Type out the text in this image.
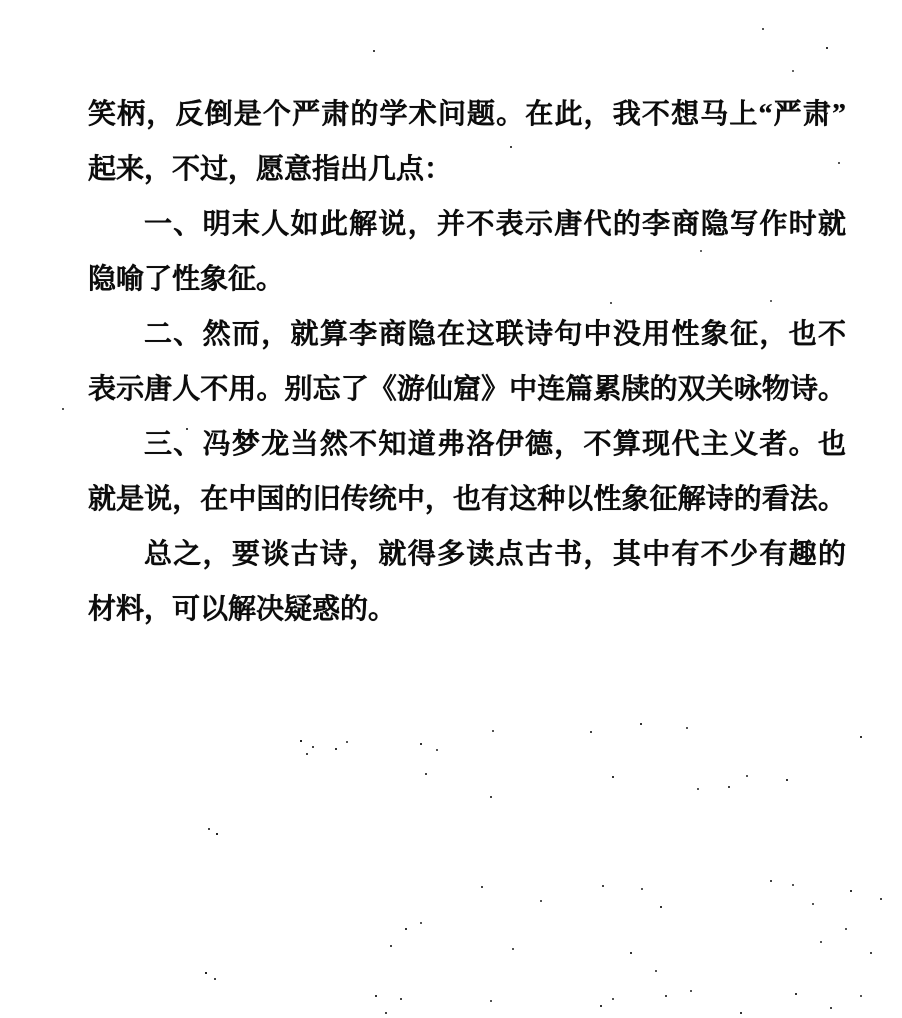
笑柄，反倒是个严肃的学术问题。在此，我不想马上“严肃”

起来，不过，愿意指出几点：

一、明末人如此解说，并不表示唐代的李商隐写作时就

隐喻了性象征。

二、然而，就算李商隐在这联诗句中没用性象征，也不

表示唐人不用。别忘了《游仙窟》中连篇累牍的双关咏物诗。

三、冯梦龙当然不知道弗洛伊德，不算现代主义者。也

就是说，在中国的旧传统中，也有这种以性象征解诗的看法。

总之，要谈古诗，就得多读点古书，其中有不少有趣的

材料，可以解决疑惑的。
